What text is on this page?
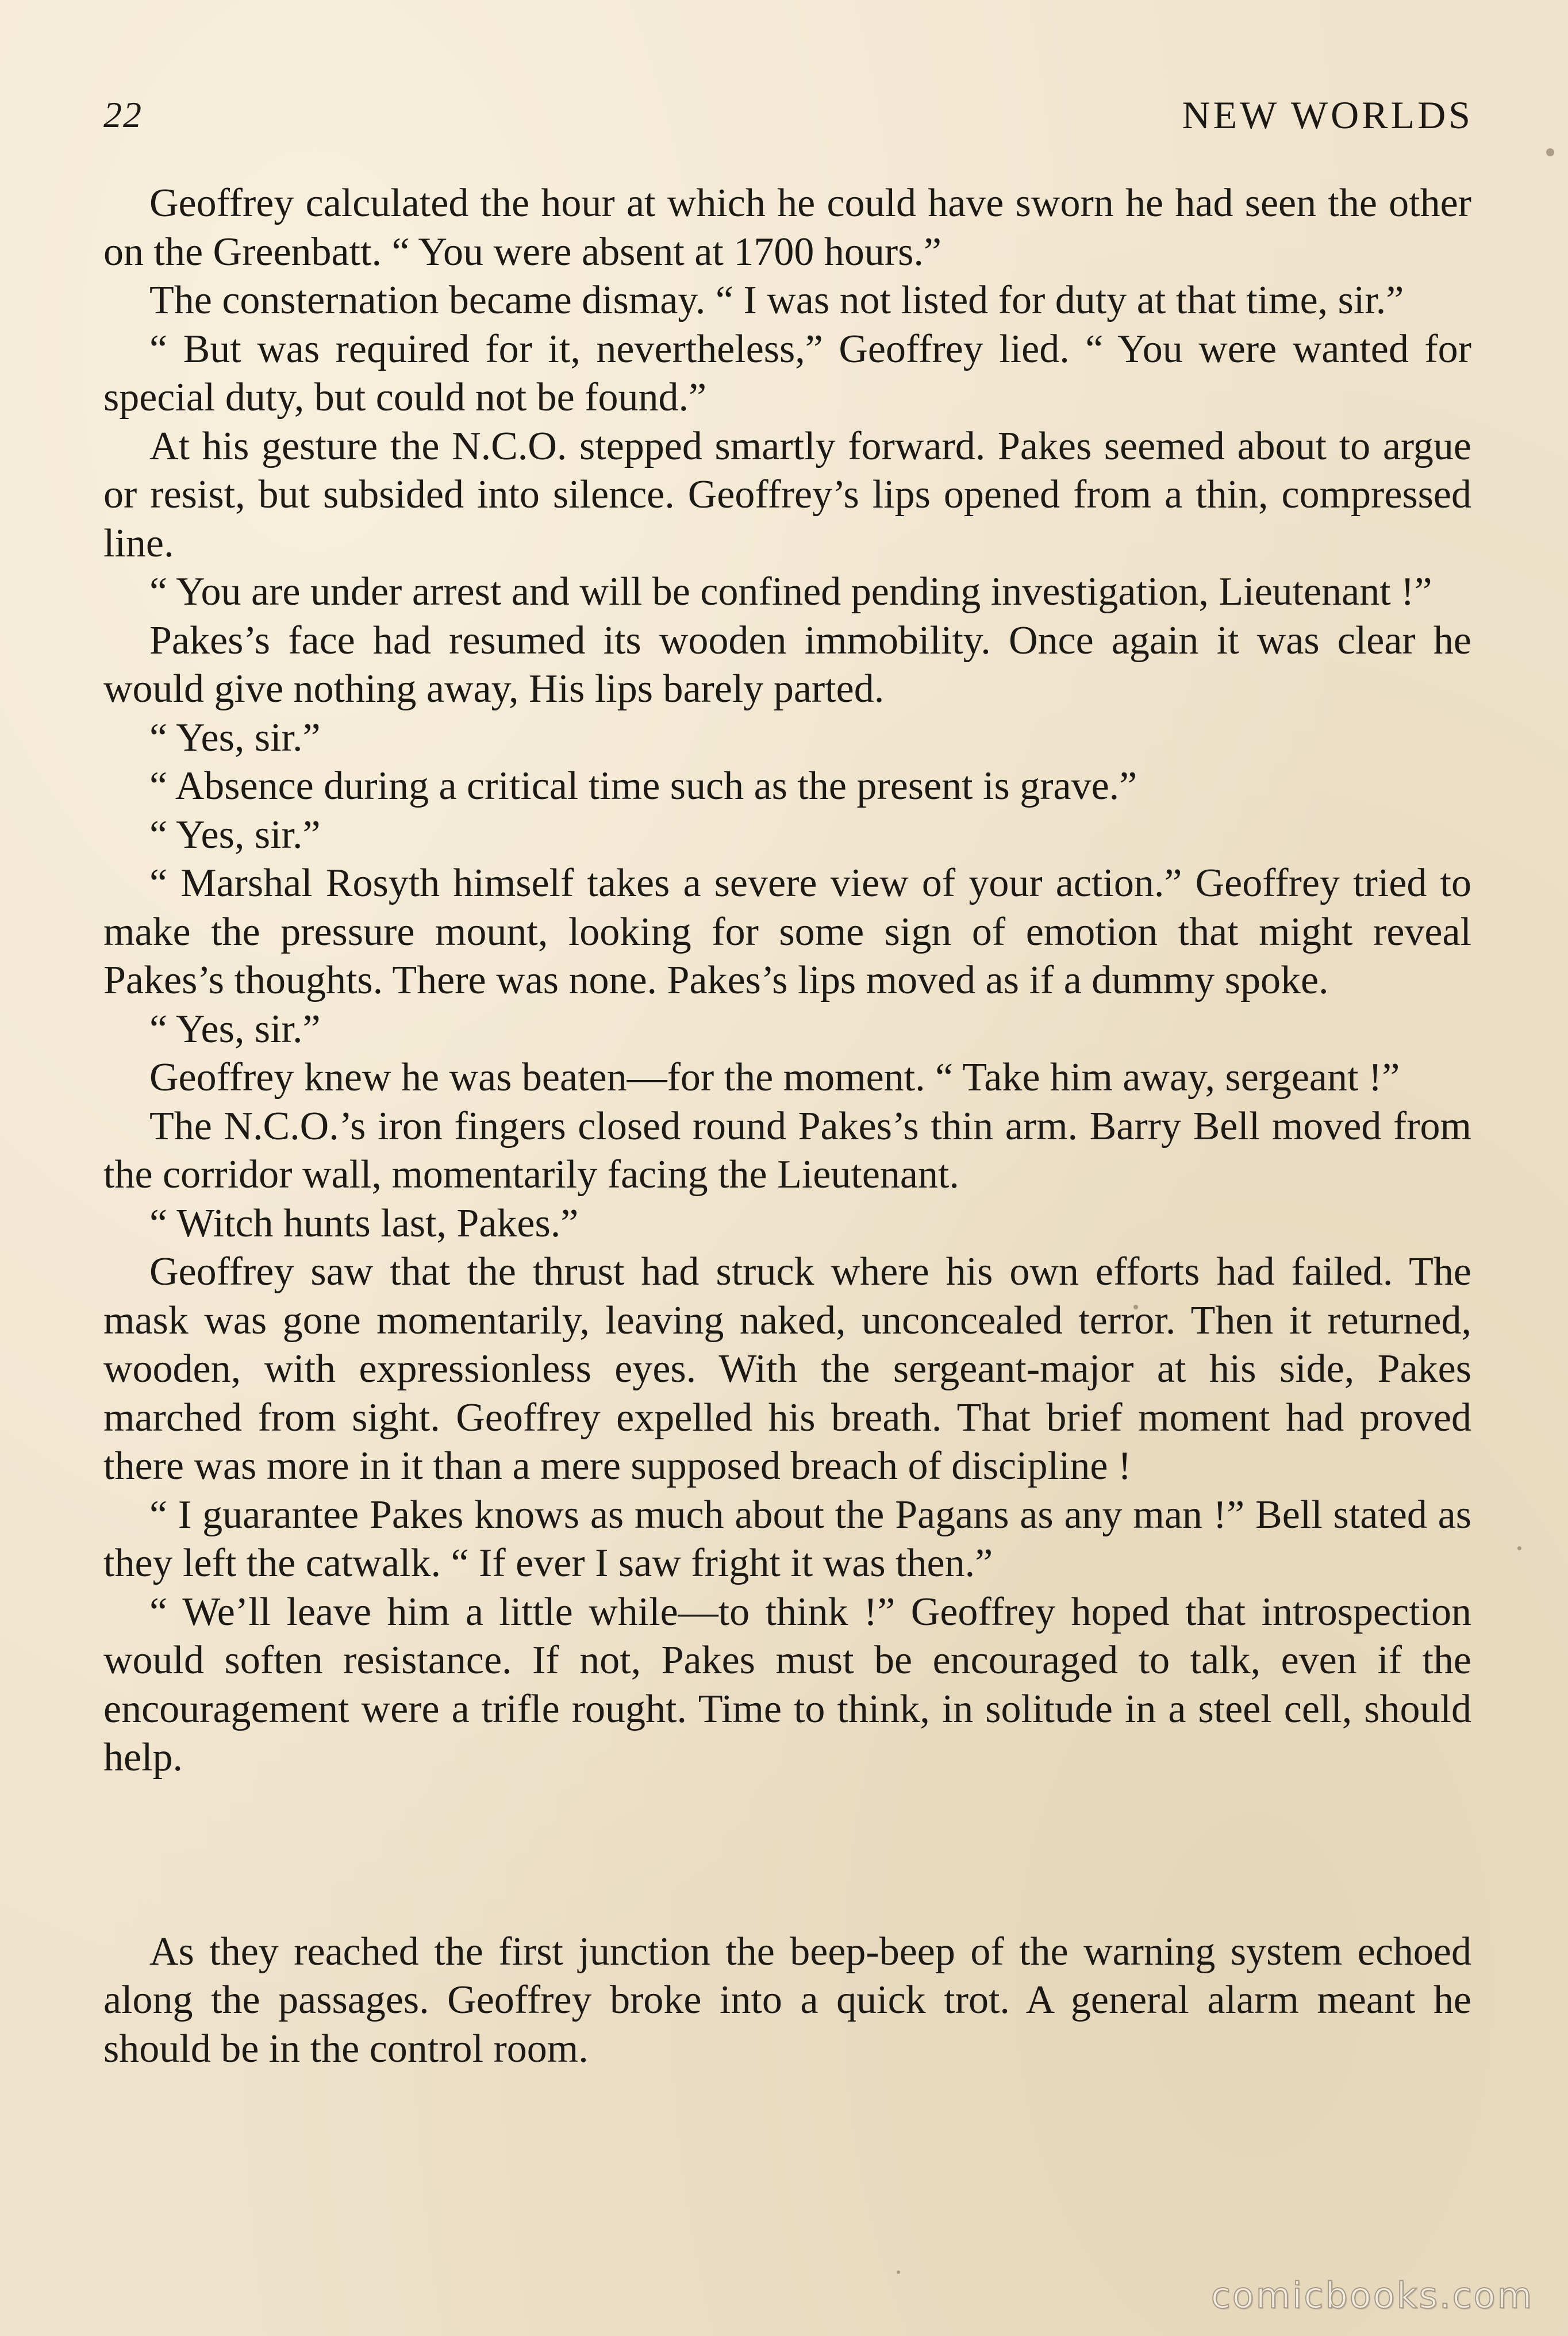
22	NEW WORLDS

Geoffrey calculated the hour at which he could have sworn he had seen the other on the Greenbatt. “ You were absent at 1700 hours.”

The consternation became dismay. “ I was not listed for duty at that time, sir.”

“ But was required for it, nevertheless,” Geoffrey lied. “ You were wanted for special duty, but could not be found.”

At his gesture the N.C.O. stepped smartly forward. Pakes seemed about to argue or resist, but subsided into silence. Geoffrey’s lips opened from a thin, compressed line.

“ You are under arrest and will be confined pending investigation, Lieutenant !”

Pakes’s face had resumed its wooden immobility. Once again it was clear he would give nothing away, His lips barely parted.

“ Yes, sir.”

“ Absence during a critical time such as the present is grave.”

“ Yes, sir.”

“ Marshal Rosyth himself takes a severe view of your action.” Geoffrey tried to make the pressure mount, looking for some sign of emotion that might reveal Pakes’s thoughts. There was none. Pakes’s lips moved as if a dummy spoke.

“ Yes, sir.”

Geoffrey knew he was beaten—for the moment. “ Take him away, sergeant !”

The N.C.O.’s iron fingers closed round Pakes’s thin arm. Barry Bell moved from the corridor wall, momentarily facing the Lieutenant.

“ Witch hunts last, Pakes.”

Geoffrey saw that the thrust had struck where his own efforts had failed. The mask was gone momentarily, leaving naked, unconcealed terror. Then it returned, wooden, with expressionless eyes. With the sergeant-major at his side, Pakes marched from sight. Geoffrey expelled his breath. That brief moment had proved there was more in it than a mere supposed breach of discipline !

“ I guarantee Pakes knows as much about the Pagans as any man !” Bell stated as they left the catwalk. “ If ever I saw fright it was then.”

“ We’ll leave him a little while—to think !” Geoffrey hoped that introspection would soften resistance. If not, Pakes must be encouraged to talk, even if the encouragement were a trifle rought. Time to think, in solitude in a steel cell, should help.

As they reached the first junction the beep-beep of the warning system echoed along the passages. Geoffrey broke into a quick trot. A general alarm meant he should be in the control room.

comicbooks.com
